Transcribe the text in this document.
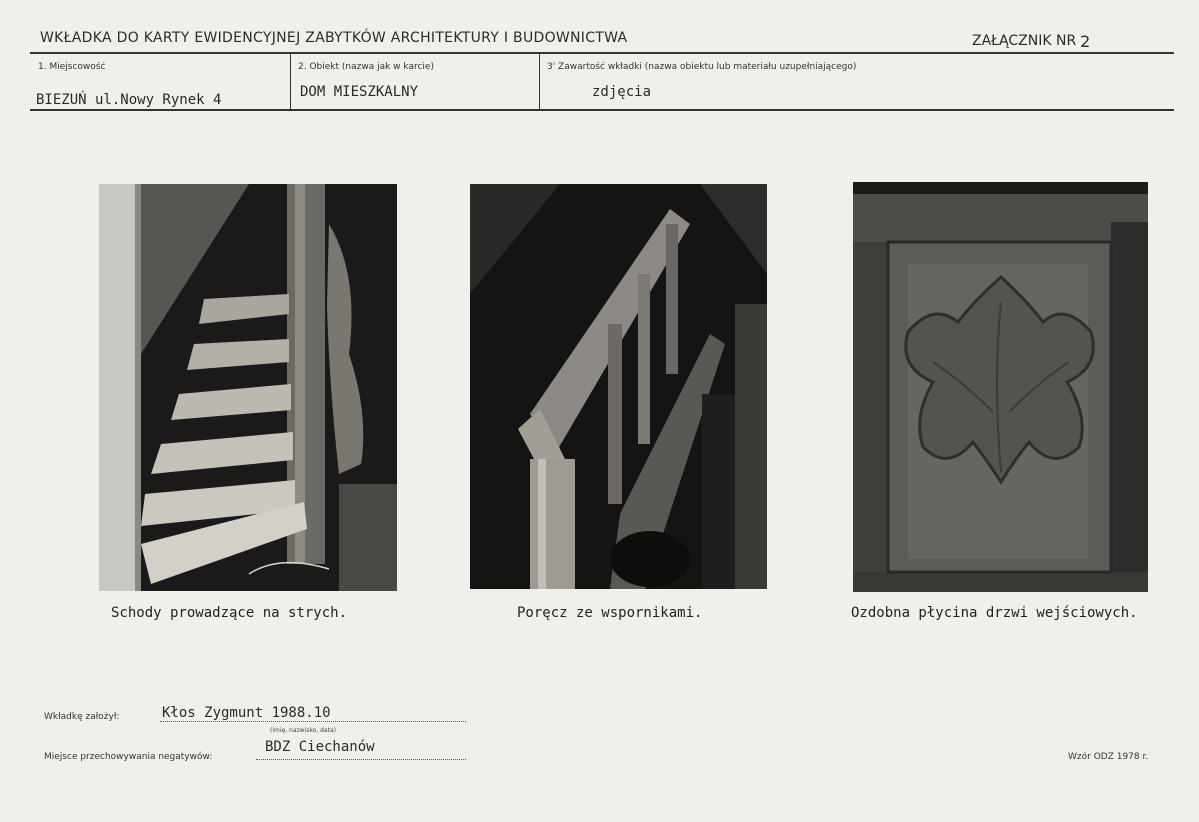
WKŁADKA DO KARTY EWIDENCYJNEJ ZABYTKÓW ARCHITEKTURY I BUDOWNICTWA	ZAŁĄCZNIK NR 2
1. Miejscowość
BIEZUŃ ul.Nowy Rynek 4
2. Obiekt (nazwa jak w karcie)
DOM MIESZKALNY
3' Zawartość wkładki (nazwa obiektu lub materiału uzupełniającego)
zdjęcia
Schody prowadzące na strych.	Poręcz ze wspornikami.	Ozdobna płycina drzwi wejściowych.
Wkładkę założył:	Kłos Zygmunt 1988.10
(imię, nazwisko, data)
Miejsce przechowywania negatywów:
BDZ Ciechanów
Wzór ODZ 1978 r.
